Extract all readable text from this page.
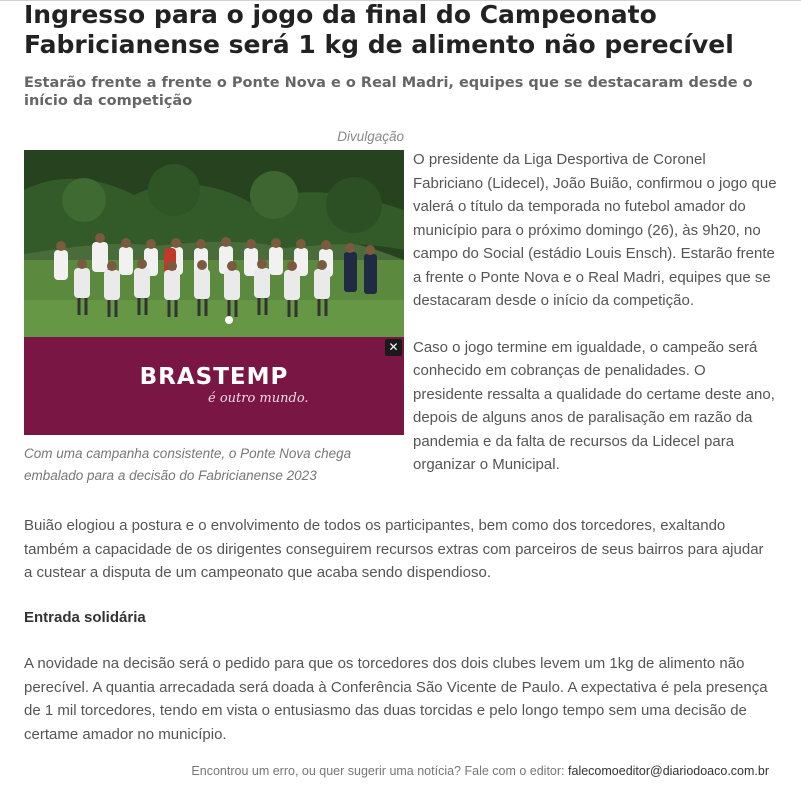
Ingresso para o jogo da final do Campeonato Fabricianense será 1 kg de alimento não perecível
Estarão frente a frente o Ponte Nova e o Real Madri, equipes que se destacaram desde o início da competição
Divulgação
✕
BRASTEMP
é outro mundo.
Com uma campanha consistente, o Ponte Nova chega embalado para a decisão do Fabricianense 2023

O presidente da Liga Desportiva de Coronel Fabriciano (Lidecel), João Buião, confirmou o jogo que valerá o título da temporada no futebol amador do município para o próximo domingo (26), às 9h20, no campo do Social (estádio Louis Ensch). Estarão frente a frente o Ponte Nova e o Real Madri, equipes que se destacaram desde o início da competição.

Caso o jogo termine em igualdade, o campeão será conhecido em cobranças de penalidades. O presidente ressalta a qualidade do certame deste ano, depois de alguns anos de paralisação em razão da pandemia e da falta de recursos da Lidecel para organizar o Municipal.

Buião elogiou a postura e o envolvimento de todos os participantes, bem como dos torcedores, exaltando também a capacidade de os dirigentes conseguirem recursos extras com parceiros de seus bairros para ajudar a custear a disputa de um campeonato que acaba sendo dispendioso.

Entrada solidária

A novidade na decisão será o pedido para que os torcedores dos dois clubes levem um 1kg de alimento não perecível. A quantia arrecadada será doada à Conferência São Vicente de Paulo. A expectativa é pela presença de 1 mil torcedores, tendo em vista o entusiasmo das duas torcidas e pelo longo tempo sem uma decisão de certame amador no município.

Encontrou um erro, ou quer sugerir uma notícia? Fale com o editor: falecomoeditor@diariodoaco.com.br
